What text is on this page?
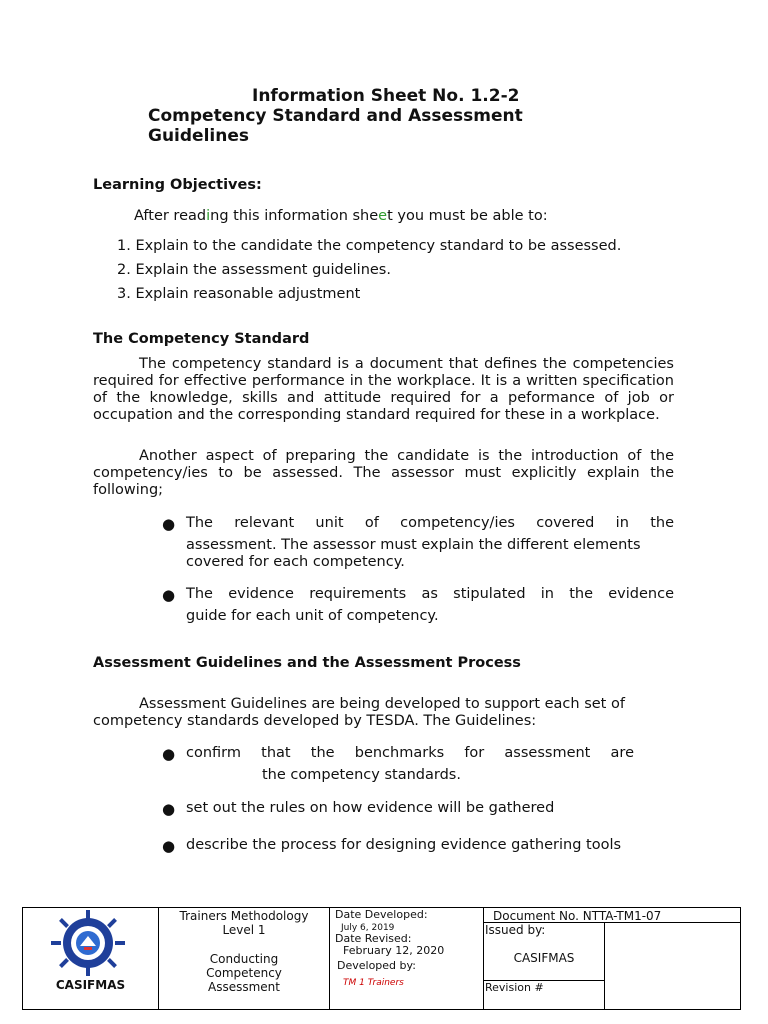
Information Sheet No. 1.2-2
Competency Standard and Assessment Guidelines
Learning Objectives:
After reading this information sheet you must be able to:
1. Explain to the candidate the competency standard to be assessed.
2. Explain the assessment guidelines.
3. Explain reasonable adjustment
The Competency Standard
The competency standard is a document that defines the competencies required for effective performance in the workplace. It is a written specification of the knowledge, skills and attitude required for a peformance of job or occupation and the corresponding standard required for these in a workplace.
Another aspect of preparing the candidate is the introduction of the competency/ies to be assessed. The assessor must explicitly explain the following;
● The relevant unit of competency/ies covered in the
assessment. The assessor must explain the different elements covered for each competency.
● The evidence requirements as stipulated in the evidence
guide for each unit of competency.
Assessment Guidelines and the Assessment Process
Assessment Guidelines are being developed to support each set of competency standards developed by TESDA. The Guidelines:
● confirm that the benchmarks for assessment are
the competency standards.
● set out the rules on how evidence will be gathered
● describe the process for designing evidence gathering tools
CASIFMAS
Trainers Methodology
Level 1
Conducting
Competency
Assessment
Date Developed:
July 6, 2019
Date Revised:
February 12, 2020
Developed by:
TM 1 Trainers
Document No. NTTA-TM1-07
Issued by:
CASIFMAS
Revision #
